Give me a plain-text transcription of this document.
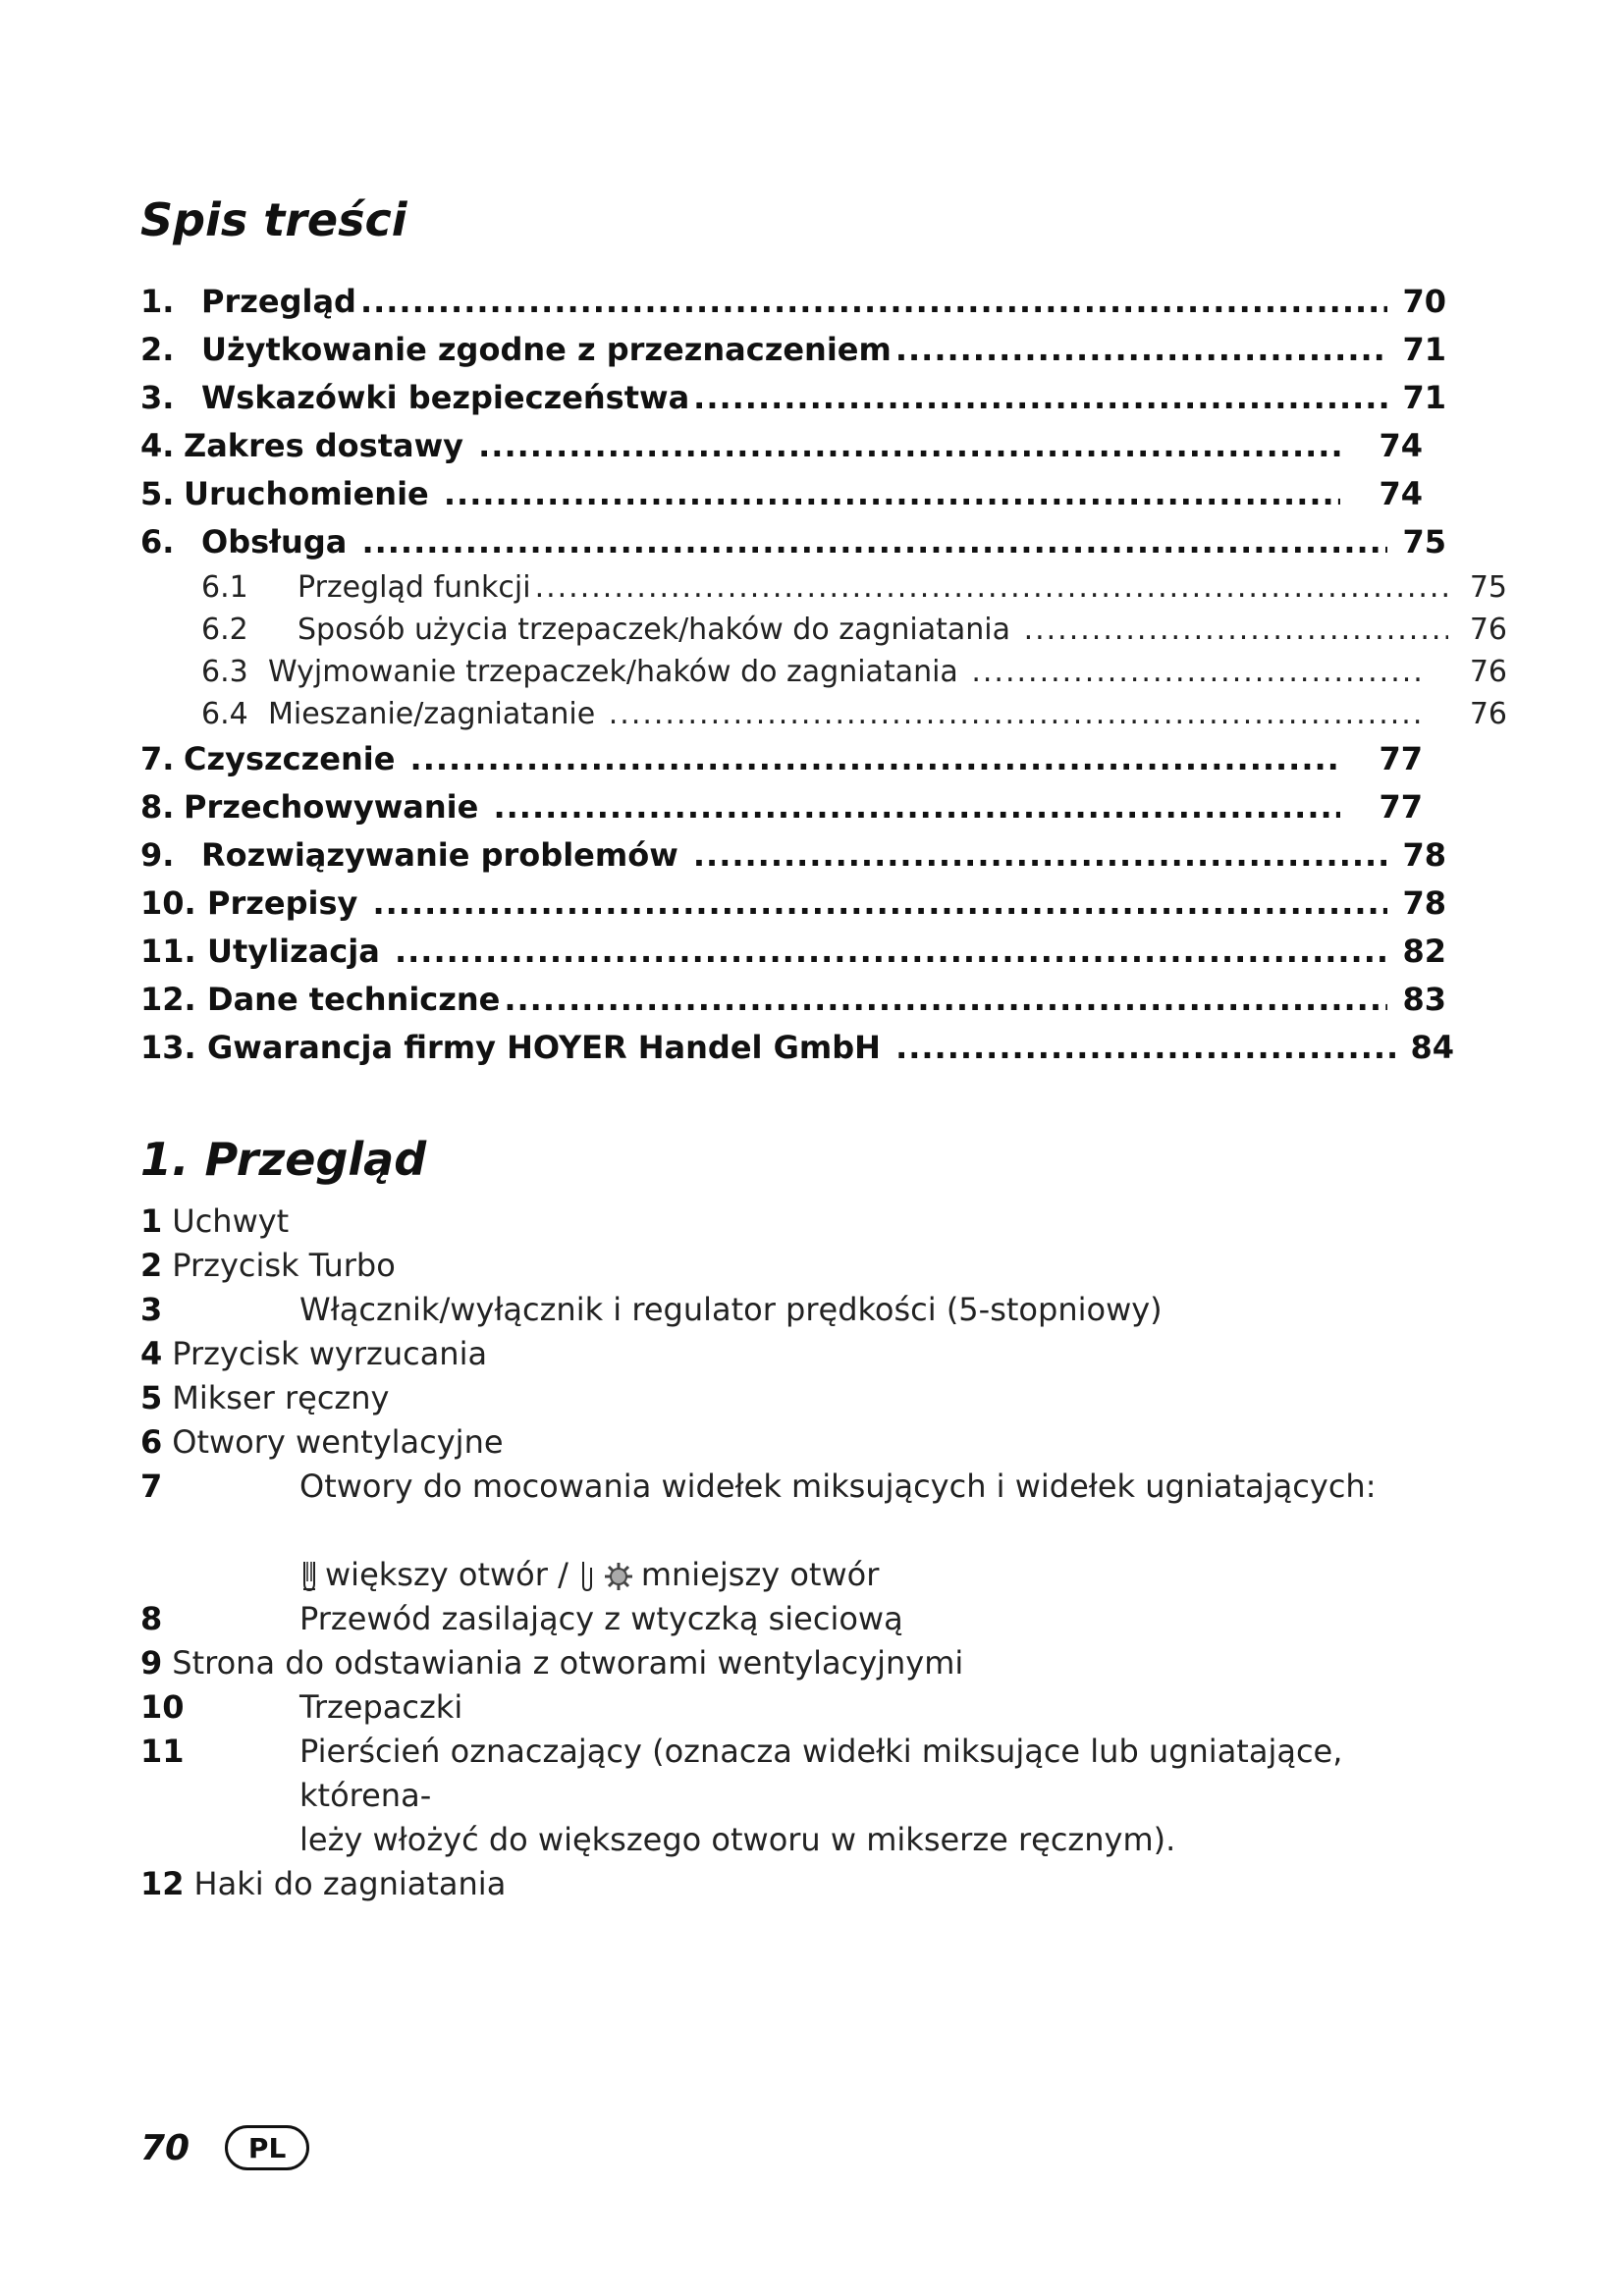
Spis treści
1. Przegląd .....	70
2. Użytkowanie zgodne z przeznaczeniem .....	71
3. Wskazówki bezpieczeństwa .....	71
4. Zakres dostawy .....	74
5. Uruchomienie .....	74
6. Obsługa .....	75
6.1	Przegląd funkcji .....	75
6.2	Sposób użycia trzepaczek/haków do zagniatania .....	76
6.3 Wyjmowanie trzepaczek/haków do zagniatania .....	76
6.4 Mieszanie/zagniatanie .....	76
7. Czyszczenie .....	77
8. Przechowywanie .....	77
9. Rozwiązywanie problemów .....	78
10. Przepisy .....	78
11. Utylizacja .....	82
12. Dane techniczne .....	83
13. Gwarancja firmy HOYER Handel GmbH .....	84
1. Przegląd
1 Uchwyt
2 Przycisk Turbo
3	Włącznik/wyłącznik i regulator prędkości (5-stopniowy)
4 Przycisk wyrzucania
5 Mikser ręczny
6 Otwory wentylacyjne
7	Otwory do mocowania widełek miksujących i widełek ugniatających:
większy otwór / mniejszy otwór
8	Przewód zasilający z wtyczką sieciową
9 Strona do odstawiania z otworami wentylacyjnymi
10	Trzepaczki
11	Pierścień oznaczający (oznacza widełki miksujące lub ugniatające, którena-
leży włożyć do większego otworu w mikserze ręcznym).
12 Haki do zagniatania
70	PL
